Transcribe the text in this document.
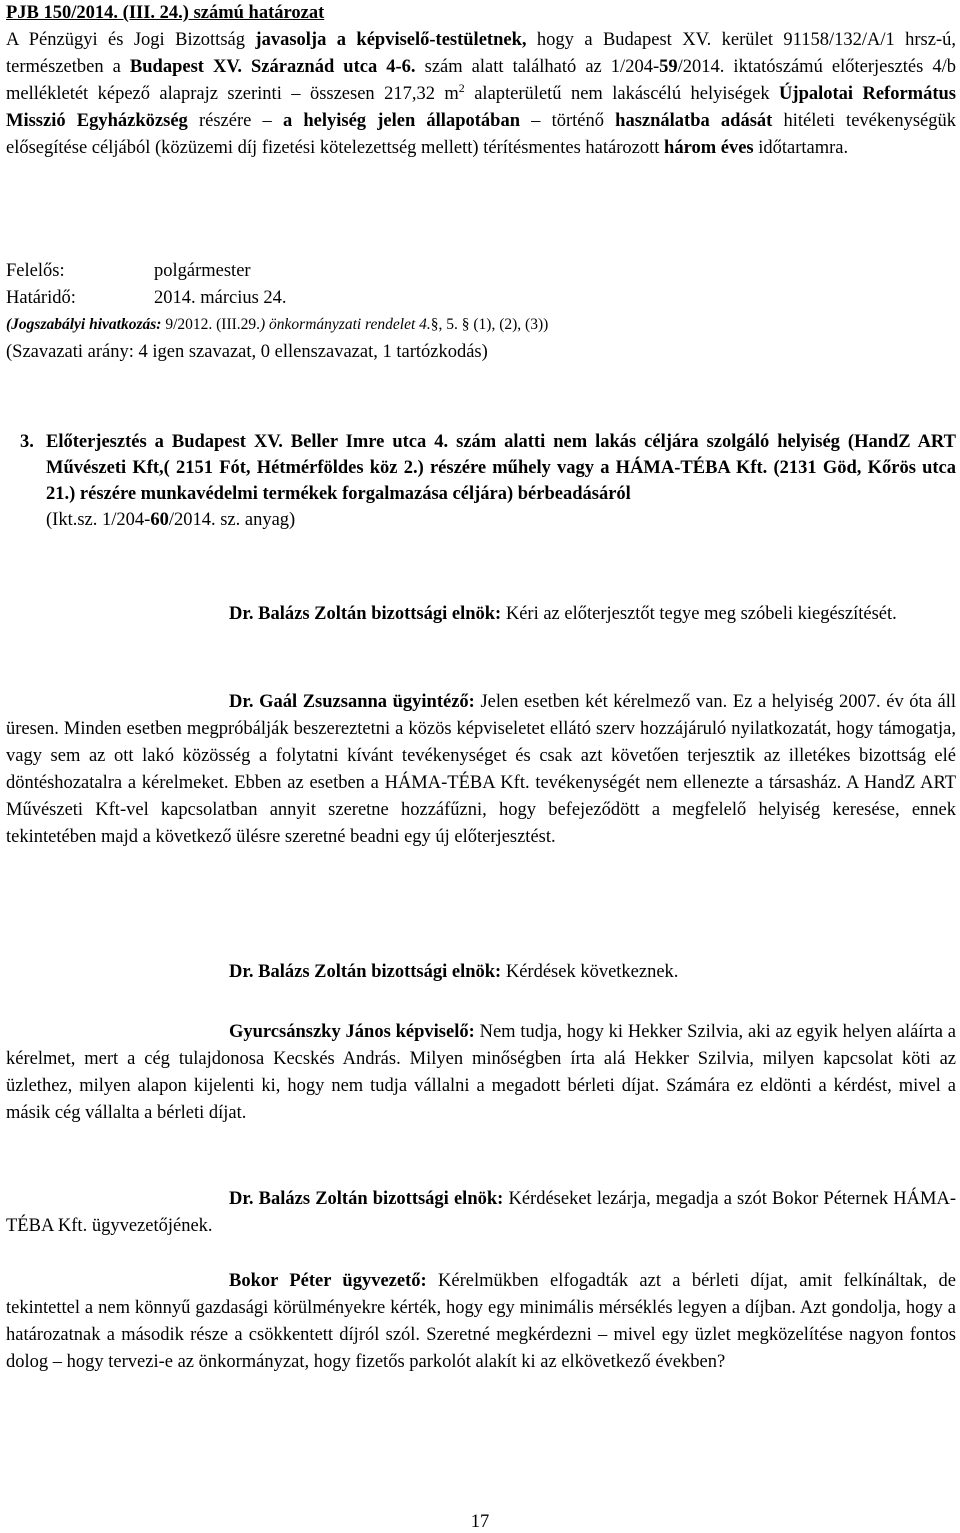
PJB 150/2014. (III. 24.) számú határozat

A Pénzügyi és Jogi Bizottság javasolja a képviselő-testületnek, hogy a Budapest XV. kerület 91158/132/A/1 hrsz-ú, természetben a Budapest XV. Száraznád utca 4-6. szám alatt található az 1/204-59/2014. iktatószámú előterjesztés 4/b mellékletét képező alaprajz szerinti – összesen 217,32 $m^2$ alapterületű nem lakáscélú helyiségek Újpalotai Református Misszió Egyházközség részére – a helyiség jelen állapotában – történő használatba adását hitéleti tevékenységük elősegítése céljából (közüzemi díj fizetési kötelezettség mellett) térítésmentes határozott három éves időtartamra.

Felelős:	polgármester
Határidő:	2014. március 24.
(Jogszabályi hivatkozás: 9/2012. (III.29.) önkormányzati rendelet 4.§, 5. § (1), (2), (3))
(Szavazati arány: 4 igen szavazat, 0 ellenszavazat, 1 tartózkodás)
3. Előterjesztés a Budapest XV. Beller Imre utca 4. szám alatti nem lakás céljára szolgáló helyiség (HandZ ART Művészeti Kft,( 2151 Fót, Hétmérföldes köz 2.) részére műhely vagy a HÁMA-TÉBA Kft. (2131 Göd, Kőrös utca 21.) részére munkavédelmi termékek forgalmazása céljára) bérbeadásáról
(Ikt.sz. 1/204-60/2014. sz. anyag)

Dr. Balázs Zoltán bizottsági elnök: Kéri az előterjesztőt tegye meg szóbeli kiegészítését.

Dr. Gaál Zsuzsanna ügyintéző: Jelen esetben két kérelmező van. Ez a helyiség 2007. év óta áll üresen. Minden esetben megpróbálják beszereztetni a közös képviseletet ellátó szerv hozzájáruló nyilatkozatát, hogy támogatja, vagy sem az ott lakó közösség a folytatni kívánt tevékenységet és csak azt követően terjesztik az illetékes bizottság elé döntéshozatalra a kérelmeket. Ebben az esetben a HÁMA-TÉBA Kft. tevékenységét nem ellenezte a társasház. A HandZ ART Művészeti Kft-vel kapcsolatban annyit szeretne hozzáfűzni, hogy befejeződött a megfelelő helyiség keresése, ennek tekintetében majd a következő ülésre szeretné beadni egy új előterjesztést.

Dr. Balázs Zoltán bizottsági elnök: Kérdések következnek.

Gyurcsánszky János képviselő: Nem tudja, hogy ki Hekker Szilvia, aki az egyik helyen aláírta a kérelmet, mert a cég tulajdonosa Kecskés András. Milyen minőségben írta alá Hekker Szilvia, milyen kapcsolat köti az üzlethez, milyen alapon kijelenti ki, hogy nem tudja vállalni a megadott bérleti díjat. Számára ez eldönti a kérdést, mivel a másik cég vállalta a bérleti díjat.

Dr. Balázs Zoltán bizottsági elnök: Kérdéseket lezárja, megadja a szót Bokor Péternek HÁMA-TÉBA Kft. ügyvezetőjének.

Bokor Péter ügyvezető: Kérelmükben elfogadták azt a bérleti díjat, amit felkínáltak, de tekintettel a nem könnyű gazdasági körülményekre kérték, hogy egy minimális mérséklés legyen a díjban. Azt gondolja, hogy a határozatnak a második része a csökkentett díjról szól. Szeretné megkérdezni – mivel egy üzlet megközelítése nagyon fontos dolog – hogy tervezi-e az önkormányzat, hogy fizetős parkolót alakít ki az elkövetkező években?

17
